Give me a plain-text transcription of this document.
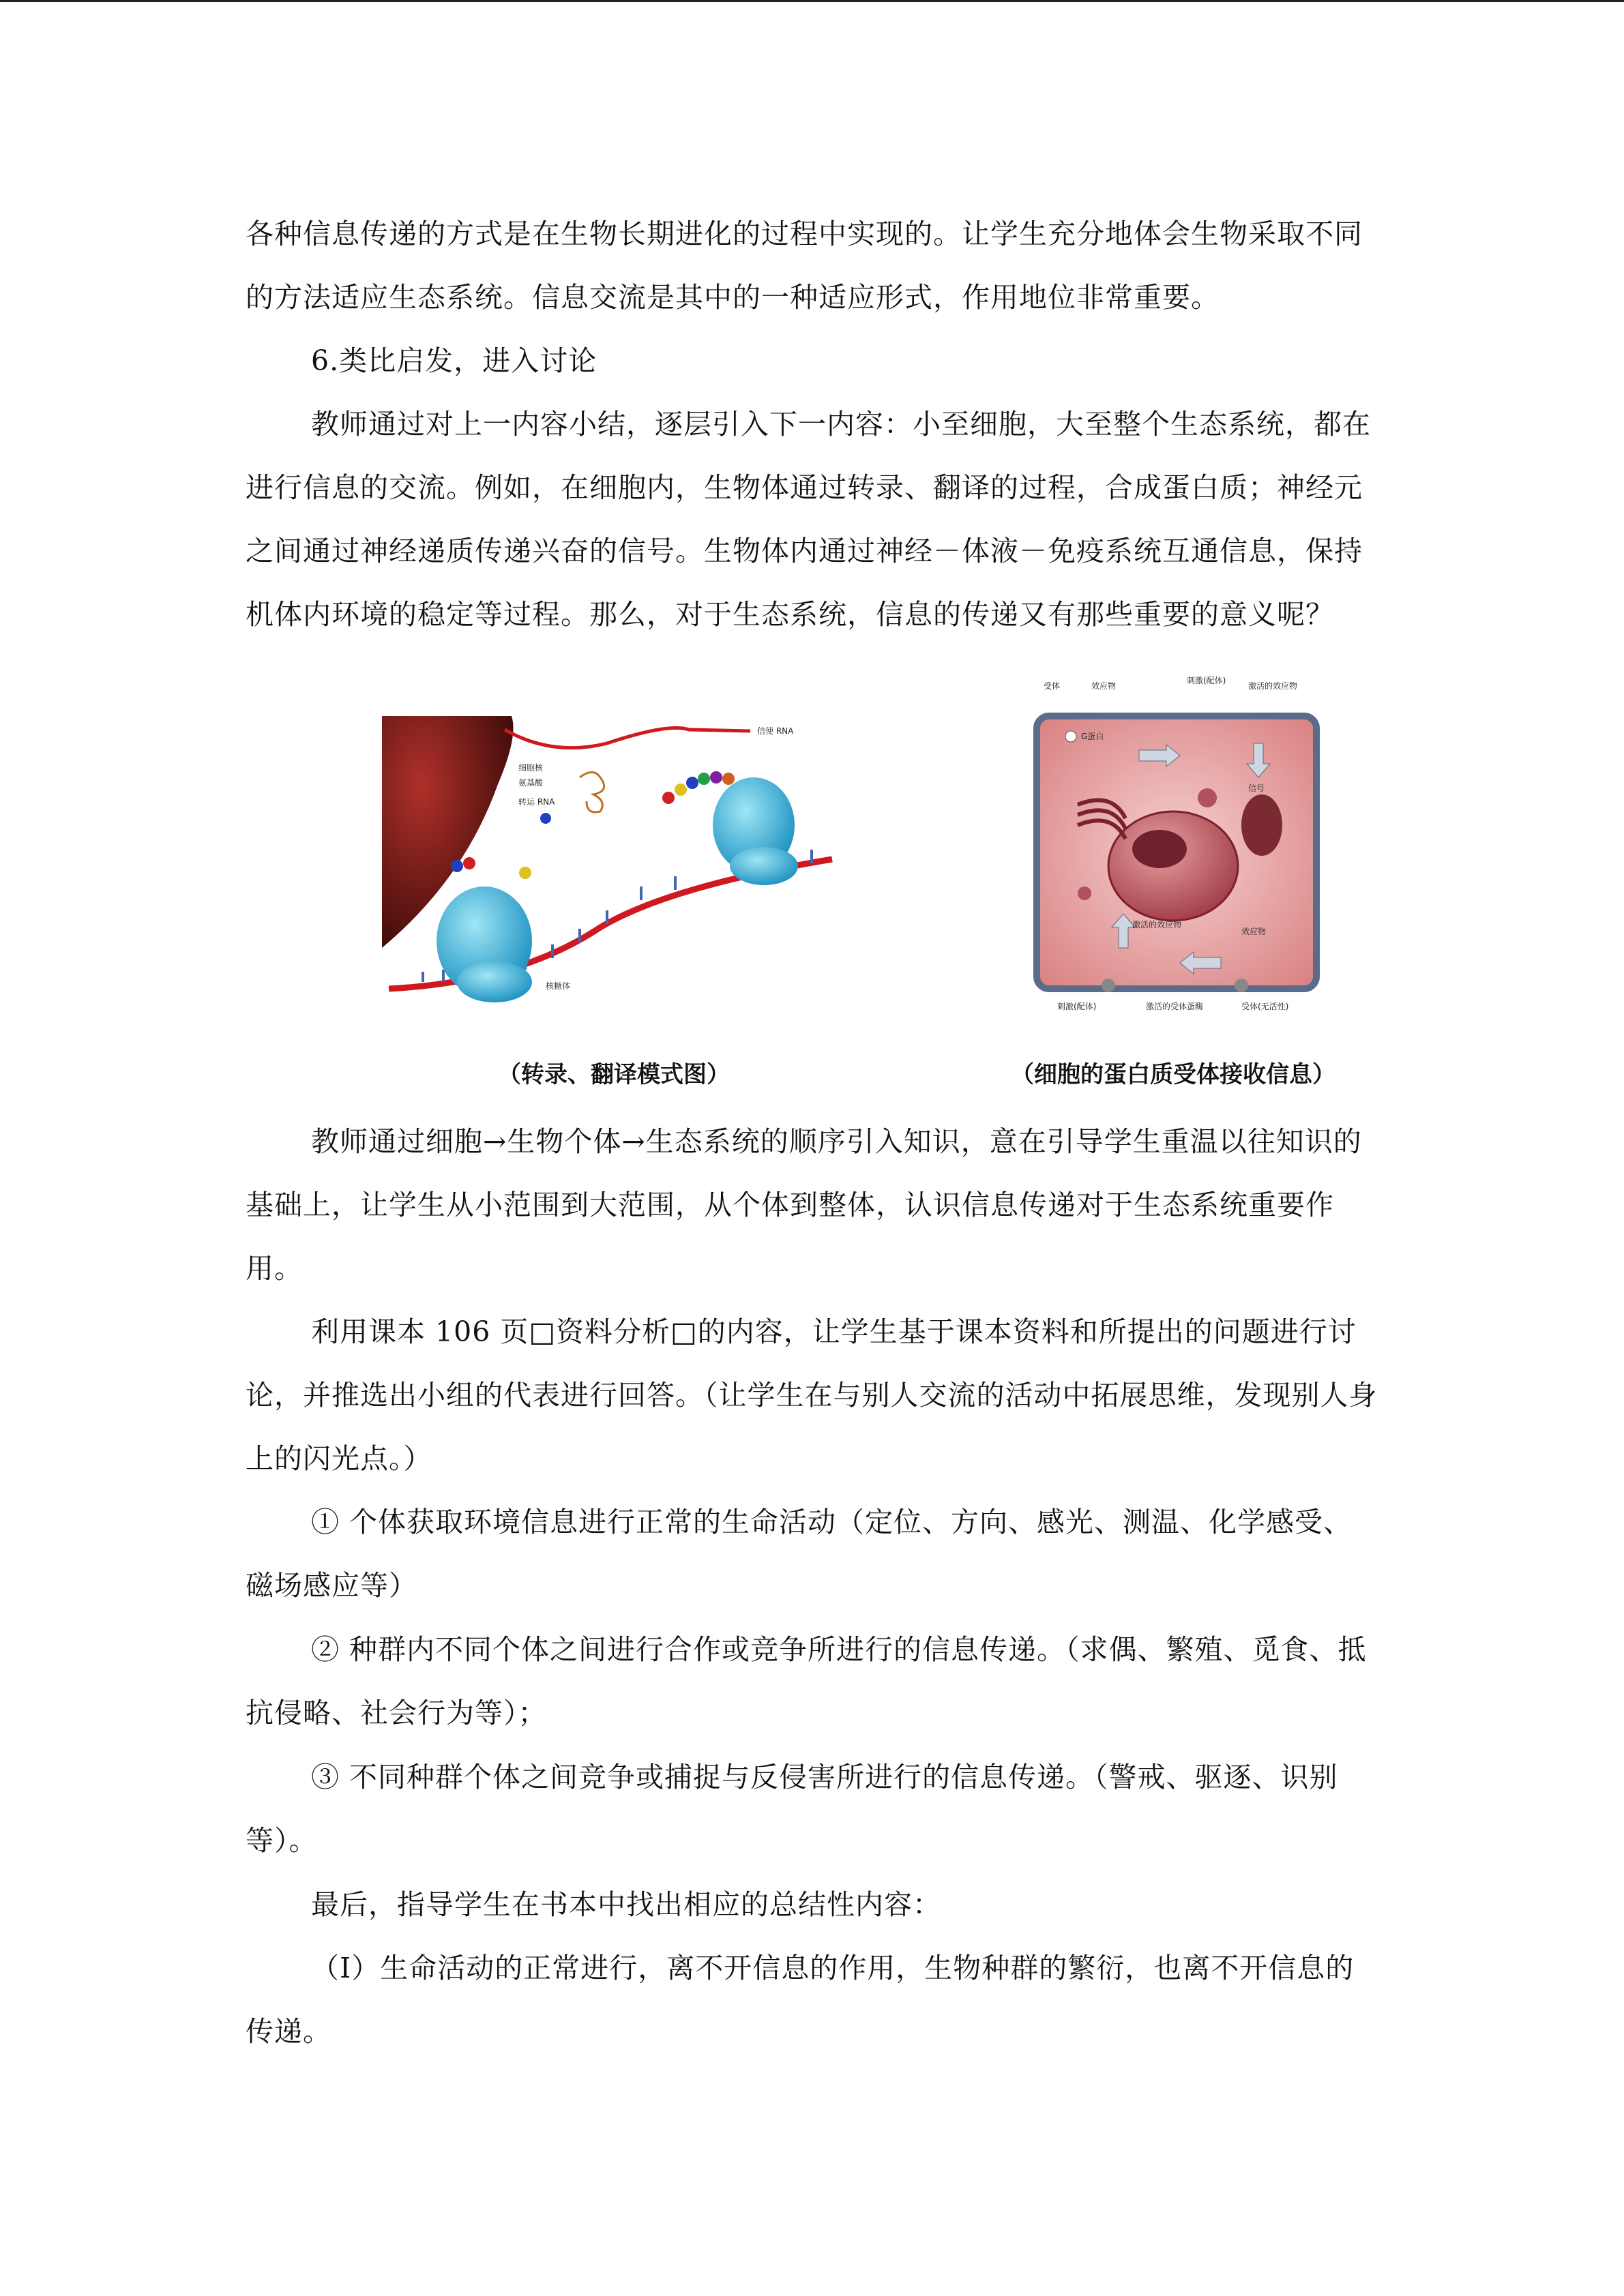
各种信息传递的方式是在生物长期进化的过程中实现的。让学生充分地体会生物采取不同的方法适应生态系统。信息交流是其中的一种适应形式，作用地位非常重要。

6.类比启发，进入讨论

教师通过对上一内容小结，逐层引入下一内容：小至细胞，大至整个生态系统，都在进行信息的交流。例如，在细胞内，生物体通过转录、翻译的过程，合成蛋白质；神经元之间通过神经递质传递兴奋的信号。生物体内通过神经－体液－免疫系统互通信息，保持机体内环境的稳定等过程。那么，对于生态系统，信息的传递又有那些重要的意义呢？

信使 RNA
细胞核
氨基酸
转运 RNA
核糖体
（转录、翻译模式图）
受体	效应物
刺激(配体)
激活的效应物
G蛋白
信号
激活的效应物
效应物
刺激(配体)	激活的受体蛋酶	受体(无活性)
（细胞的蛋白质受体接收信息）

教师通过细胞→生物个体→生态系统的顺序引入知识，意在引导学生重温以往知识的基础上，让学生从小范围到大范围，从个体到整体，认识信息传递对于生态系统重要作用。

利用课本 106 页□资料分析□的内容，让学生基于课本资料和所提出的问题进行讨论，并推选出小组的代表进行回答。（让学生在与别人交流的活动中拓展思维，发现别人身上的闪光点。）

① 个体获取环境信息进行正常的生命活动（定位、方向、感光、测温、化学感受、磁场感应等）

② 种群内不同个体之间进行合作或竞争所进行的信息传递。（求偶、繁殖、觅食、抵抗侵略、社会行为等）；

③ 不同种群个体之间竞争或捕捉与反侵害所进行的信息传递。（警戒、驱逐、识别等）。

最后，指导学生在书本中找出相应的总结性内容：

（Ⅰ）生命活动的正常进行，离不开信息的作用，生物种群的繁衍，也离不开信息的传递。
